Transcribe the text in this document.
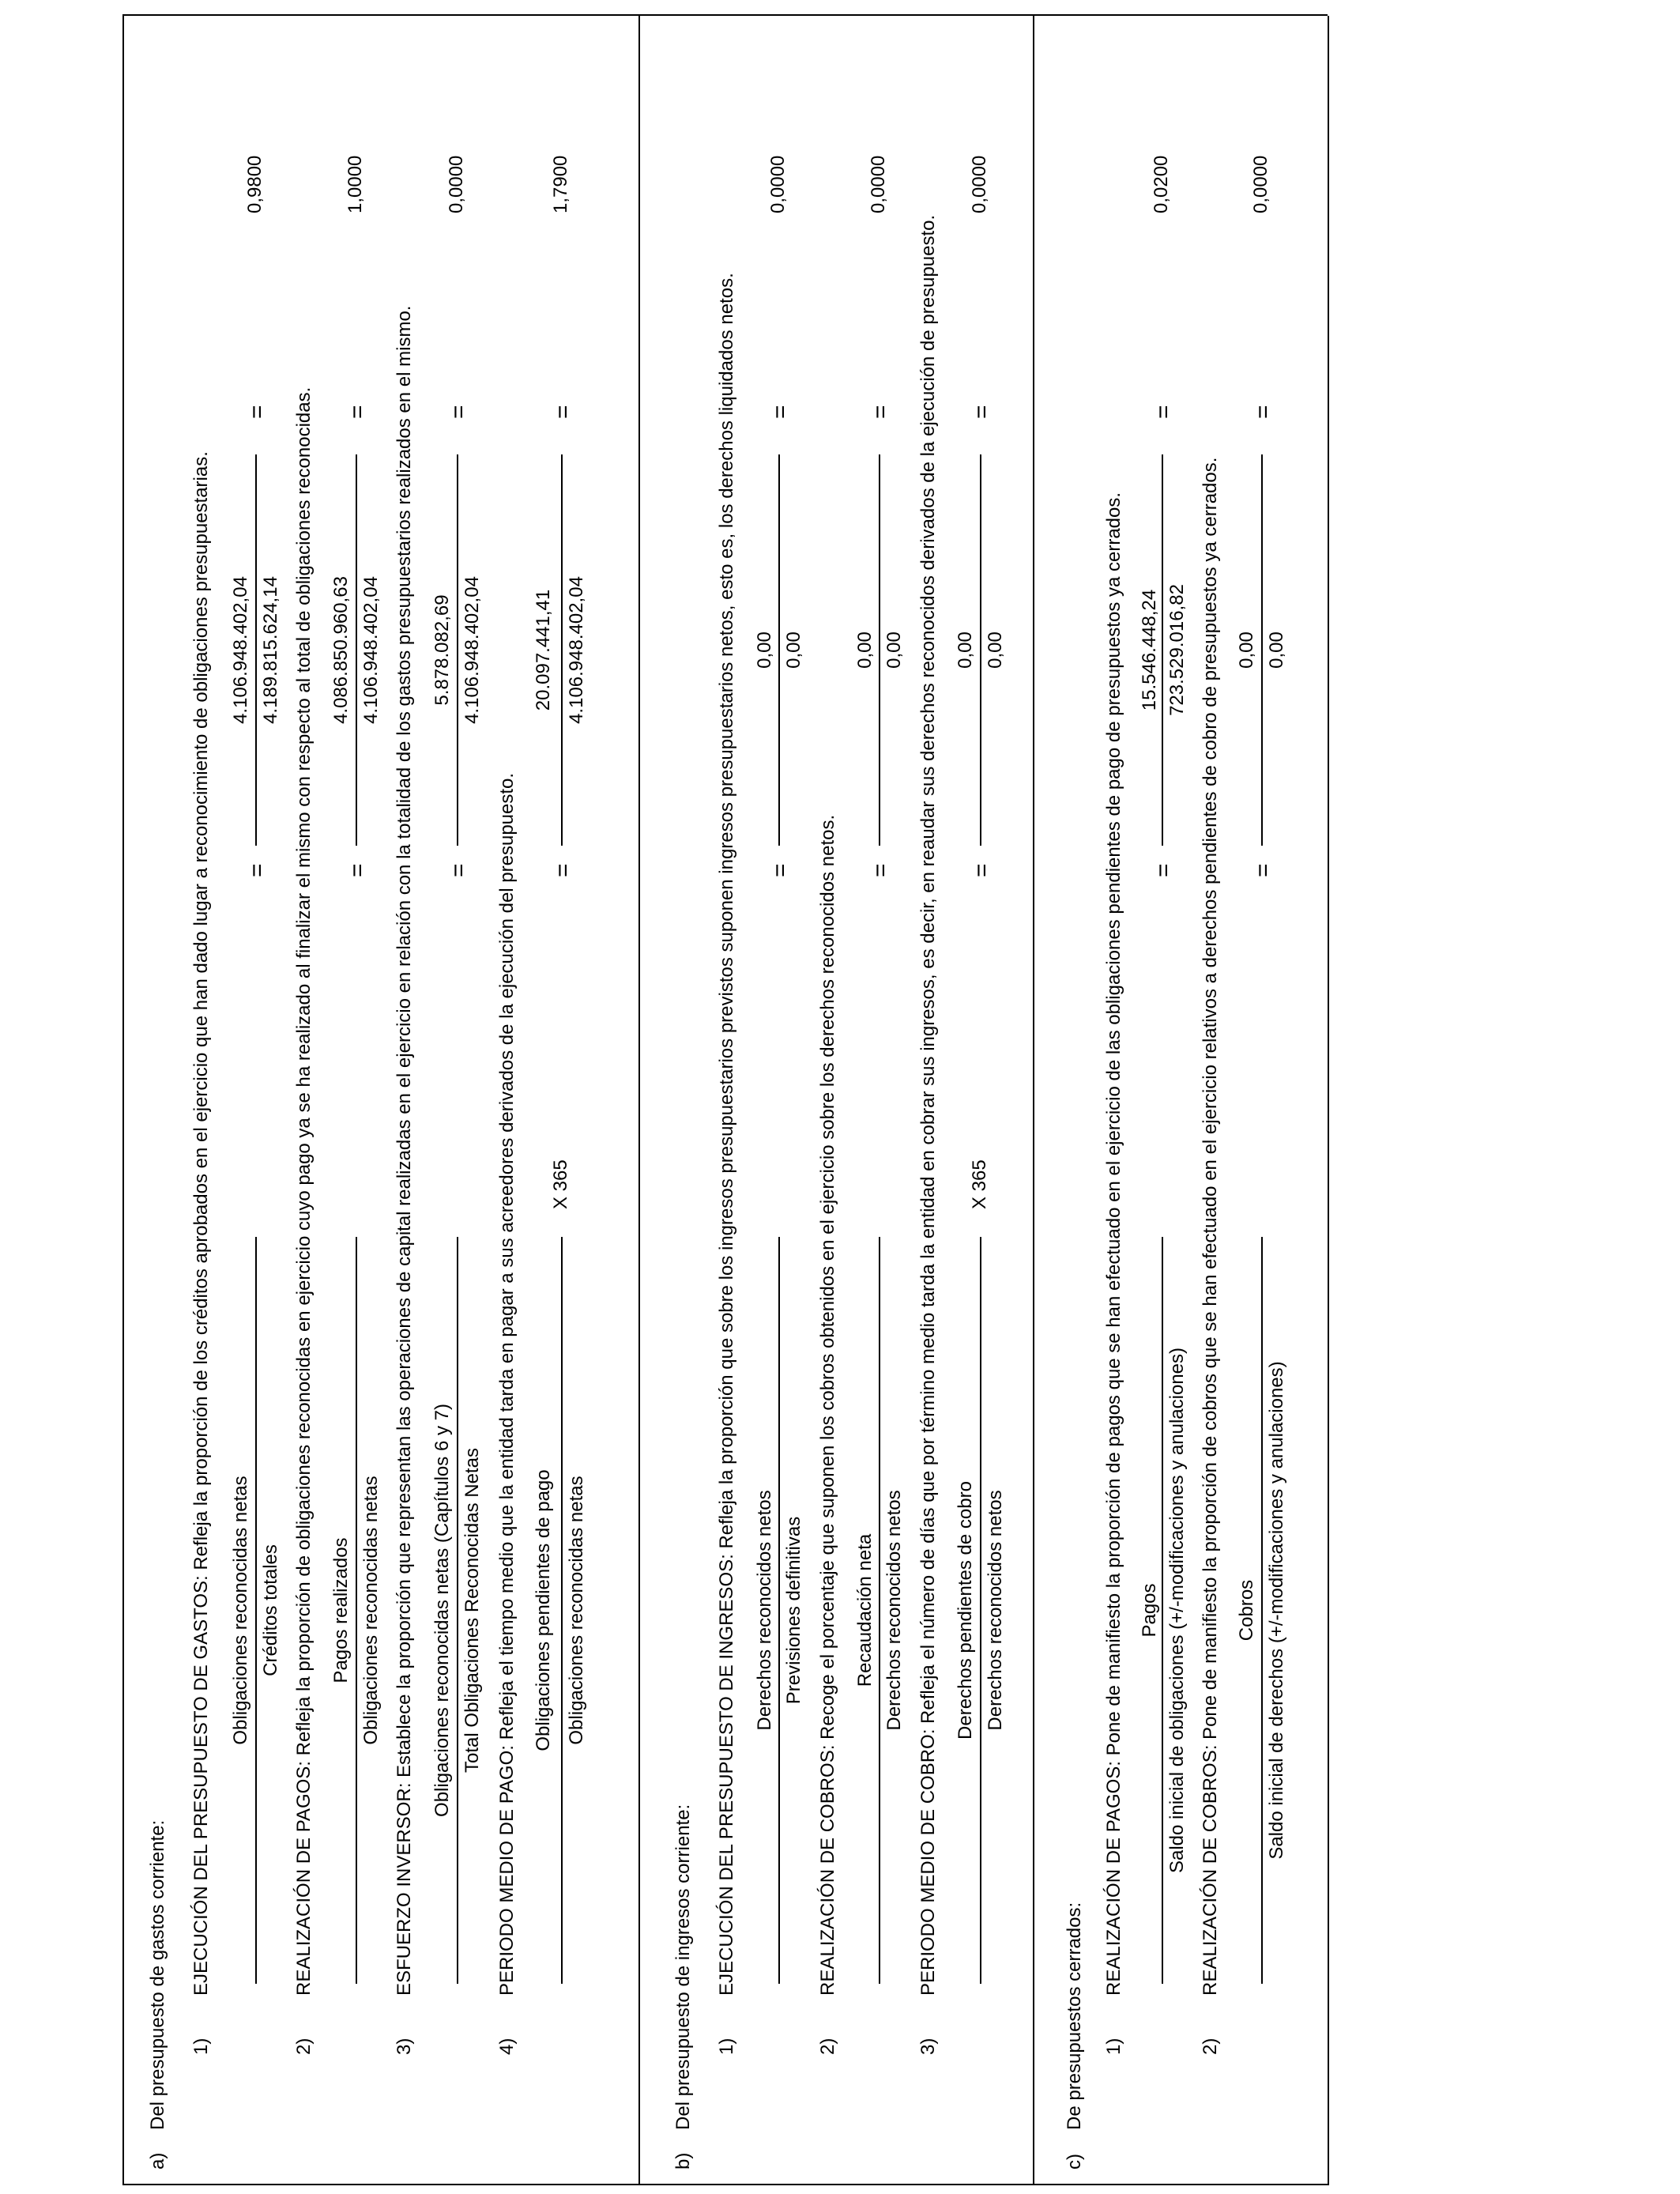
a)
Del presupuesto de gastos corriente: 1)
EJECUCIÓN DEL PRESUPUESTO DE GASTOS: Refleja la proporción de los créditos aprobados en el ejercicio que han dado lugar a reconocimiento de obligaciones presupuestarias. Obligaciones reconocidas netas Créditos totales
=
4.106.948.402,04 4.189.815.624,14
=
0,9800
2)
REALIZACIÓN DE PAGOS: Refleja la proporción de obligaciones reconocidas en ejercicio cuyo pago ya se ha realizado al finalizar el mismo con respecto al total de obligaciones reconocidas. Pagos realizados Obligaciones reconocidas netas
=
4.086.850.960,63 4.106.948.402,04
=
1,0000
3)
ESFUERZO INVERSOR: Establece la proporción que representan las operaciones de capital realizadas en el ejercicio en relación con la totalidad de los gastos presupuestarios realizados en el mismo. Obligaciones reconocidas netas (Capítulos 6 y 7) Total Obligaciones Reconocidas Netas
=
5.878.082,69 4.106.948.402,04
=
0,0000
4)
PERIODO MEDIO DE PAGO: Refleja el tiempo medio que la entidad tarda en pagar a sus acreedores derivados de la ejecución del presupuesto. Obligaciones pendientes de pago Obligaciones reconocidas netas
X 365
=
20.097.441,41 4.106.948.402,04
=
1,7900
b)
Del presupuesto de ingresos corriente: 1)
EJECUCIÓN DEL PRESUPUESTO DE INGRESOS: Refleja la proporción que sobre los ingresos presupuestarios previstos suponen ingresos presupuestarios netos, esto es, los derechos liquidados netos. Derechos reconocidos netos Previsiones definitivas
=
0,00 0,00
=
0,0000
2)
REALIZACIÓN DE COBROS: Recoge el porcentaje que suponen los cobros obtenidos en el ejercicio sobre los derechos reconocidos netos. Recaudación neta Derechos reconocidos netos
=
0,00 0,00
=
0,0000
3)
PERIODO MEDIO DE COBRO: Refleja el número de días que por término medio tarda la entidad en cobrar sus ingresos, es decir, en reaudar sus derechos reconocidos derivados de la ejecución de presupuesto. Derechos pendientes de cobro Derechos reconocidos netos
X 365
=
0,00 0,00
=
0,0000
c)
De presupuestos cerrados: 1)
REALIZACIÓN DE PAGOS: Pone de manifiesto la proporción de pagos que se han efectuado en el ejercicio de las obligaciones pendientes de pago de presupuestos ya cerrados. Pagos Saldo inicial de obligaciones (+/-modificaciones y anulaciones)
=
15.546.448,24 723.529.016,82
=
0,0200
2)
REALIZACIÓN DE COBROS: Pone de manifiesto la proporción de cobros que se han efectuado en el ejercicio relativos a derechos pendientes de cobro de presupuestos ya cerrados. Cobros Saldo inicial de derechos (+/-modificaciones y anulaciones)
=
0,00 0,00
=
0,0000
